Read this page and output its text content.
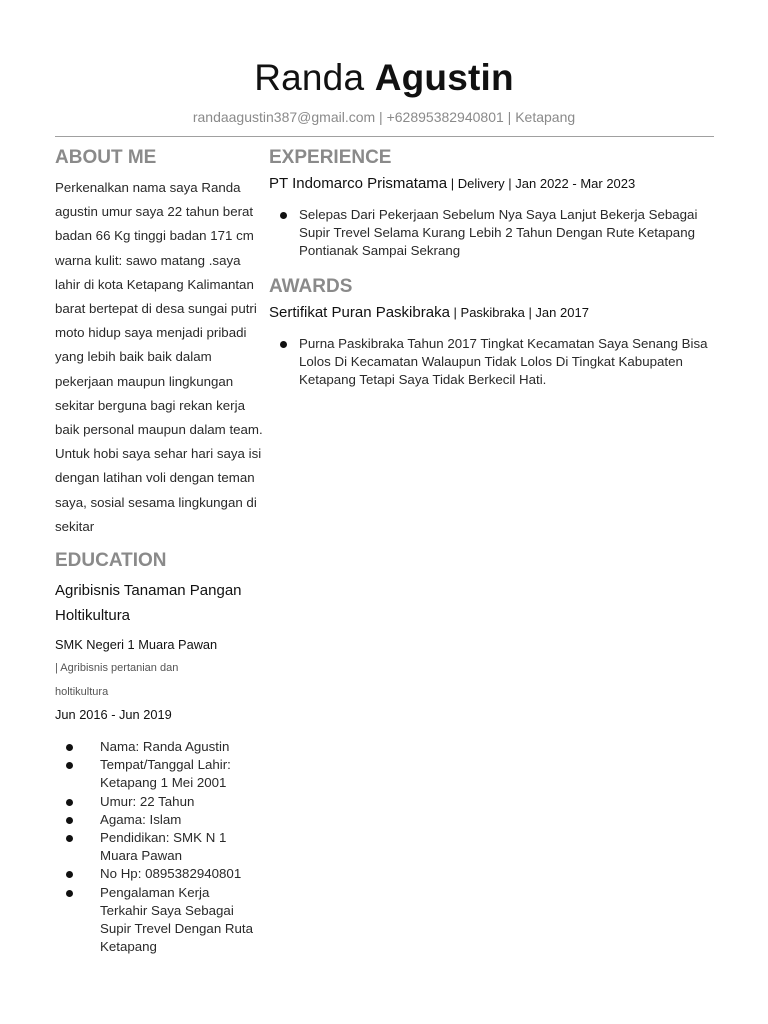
Randa Agustin
randaagustin387@gmail.com | +62895382940801 | Ketapang
ABOUT ME
Perkenalkan nama saya Randa agustin umur saya 22 tahun berat badan 66 Kg tinggi badan 171 cm warna kulit: sawo matang .saya lahir di kota Ketapang Kalimantan barat bertepat di desa sungai putri moto hidup saya menjadi pribadi yang lebih baik baik dalam pekerjaan maupun lingkungan sekitar berguna bagi rekan kerja baik personal maupun dalam team. Untuk hobi saya sehar hari saya isi dengan latihan voli dengan teman saya, sosial sesama lingkungan di sekitar
EDUCATION
Agribisnis Tanaman Pangan Holtikultura
SMK Negeri 1 Muara Pawan
| Agribisnis pertanian dan holtikultura
Jun 2016 - Jun 2019
Nama: Randa Agustin
Tempat/Tanggal Lahir: Ketapang 1 Mei 2001
Umur: 22 Tahun
Agama: Islam
Pendidikan: SMK N 1 Muara Pawan
No Hp: 0895382940801
Pengalaman Kerja Terkahir Saya Sebagai Supir Trevel Dengan Ruta Ketapang
EXPERIENCE
PT Indomarco Prismatama | Delivery | Jan 2022 - Mar 2023
Selepas Dari Pekerjaan Sebelum Nya Saya Lanjut Bekerja Sebagai Supir Trevel Selama Kurang Lebih 2 Tahun Dengan Rute Ketapang Pontianak Sampai Sekrang
AWARDS
Sertifikat Puran Paskibraka | Paskibraka | Jan 2017
Purna Paskibraka Tahun 2017 Tingkat Kecamatan Saya Senang Bisa Lolos Di Kecamatan Walaupun Tidak Lolos Di Tingkat Kabupaten Ketapang Tetapi Saya Tidak Berkecil Hati.
